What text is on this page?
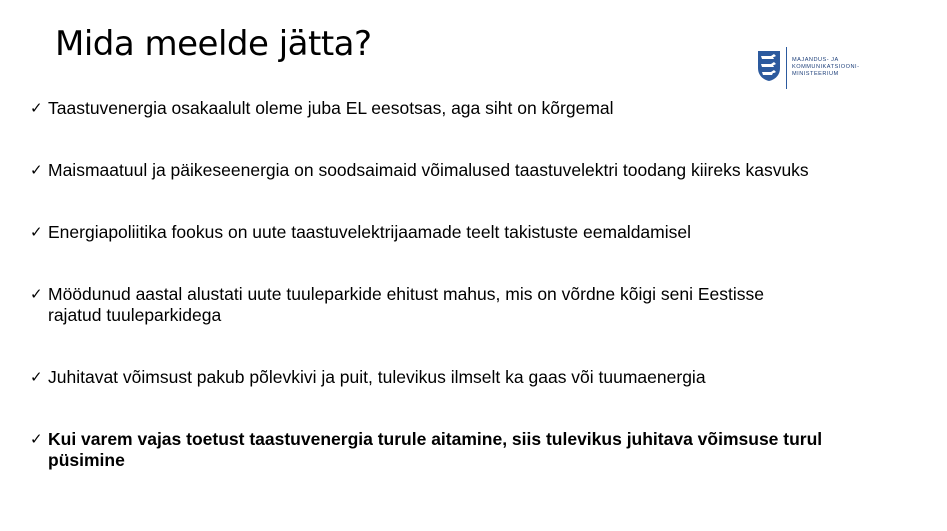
Mida meelde jätta?	MAJANDUS- JA
KOMMUNIKATSIOONI-
MINISTEERIUM
✓ Taastuvenergia osakaalult oleme juba EL eesotsas, aga siht on kõrgemal
✓ Maismaatuul ja päikeseenergia on soodsaimaid võimalused taastuvelektri toodang kiireks kasvuks
✓ Energiapoliitika fookus on uute taastuvelektrijaamade teelt takistuste eemaldamisel
✓ Möödunud aastal alustati uute tuuleparkide ehitust mahus, mis on võrdne kõigi seni Eestisse
rajatud tuuleparkidega
✓ Juhitavat võimsust pakub põlevkivi ja puit, tulevikus ilmselt ka gaas või tuumaenergia
✓ Kui varem vajas toetust taastuvenergia turule aitamine, siis tulevikus juhitava võimsuse turul
püsimine
